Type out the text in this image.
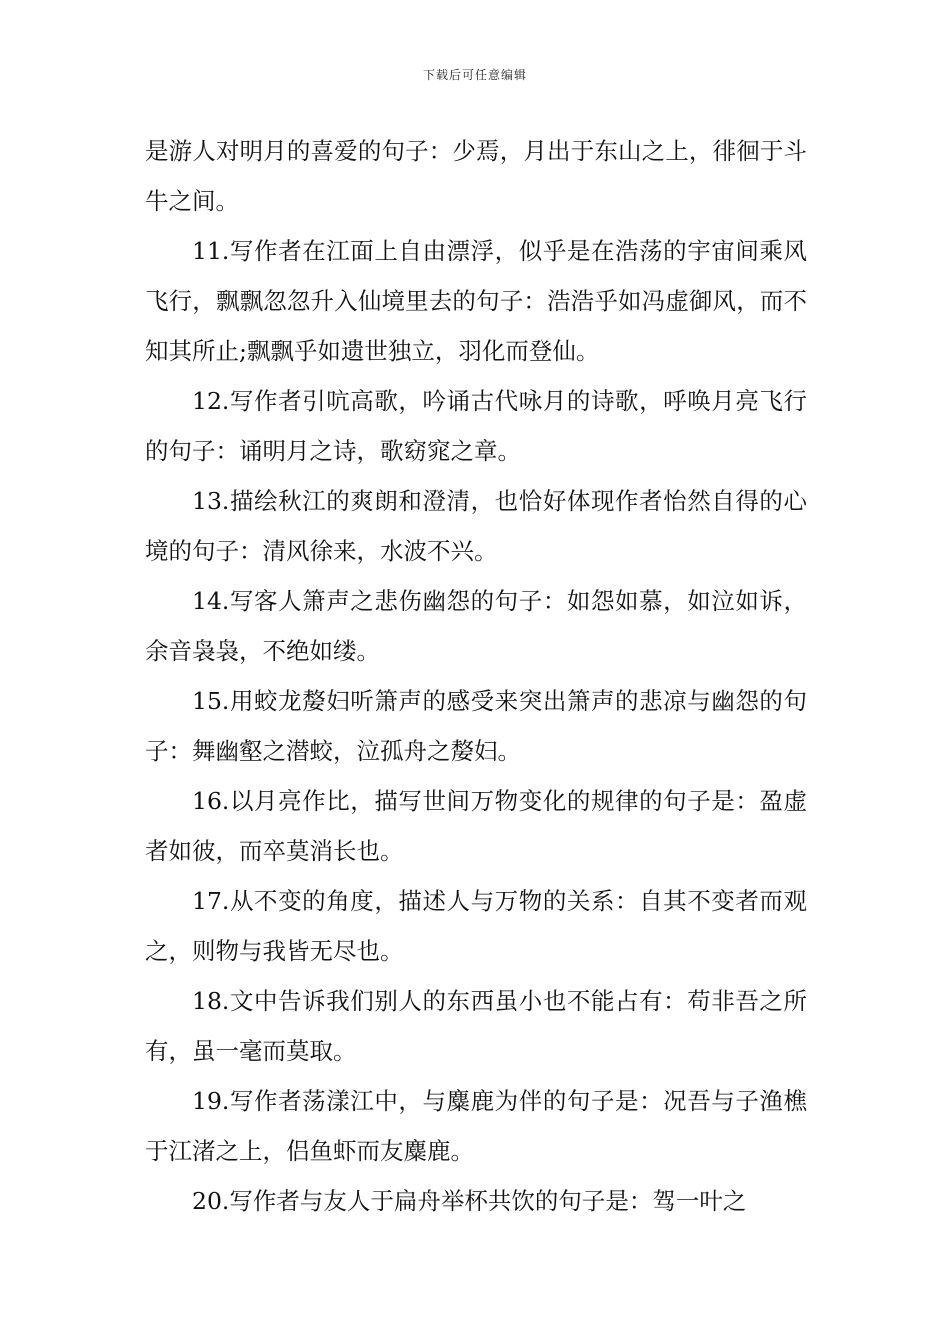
下载后可任意编辑

是游人对明月的喜爱的句子：少焉，月出于东山之上，徘徊于斗牛之间。

11.写作者在江面上自由漂浮，似乎是在浩荡的宇宙间乘风飞行，飘飘忽忽升入仙境里去的句子：浩浩乎如冯虚御风，而不知其所止;飘飘乎如遗世独立，羽化而登仙。

12.写作者引吭高歌，吟诵古代咏月的诗歌，呼唤月亮飞行的句子：诵明月之诗，歌窈窕之章。

13.描绘秋江的爽朗和澄清，也恰好体现作者怡然自得的心境的句子：清风徐来，水波不兴。

14.写客人箫声之悲伤幽怨的句子：如怨如慕，如泣如诉，余音袅袅，不绝如缕。

15.用蛟龙嫠妇听箫声的感受来突出箫声的悲凉与幽怨的句子：舞幽壑之潜蛟，泣孤舟之嫠妇。

16.以月亮作比，描写世间万物变化的规律的句子是：盈虚者如彼，而卒莫消长也。

17.从不变的角度，描述人与万物的关系：自其不变者而观之，则物与我皆无尽也。

18.文中告诉我们别人的东西虽小也不能占有：苟非吾之所有，虽一毫而莫取。

19.写作者荡漾江中，与麋鹿为伴的句子是：况吾与子渔樵于江渚之上，侣鱼虾而友麋鹿。

20.写作者与友人于扁舟举杯共饮的句子是：驾一叶之
